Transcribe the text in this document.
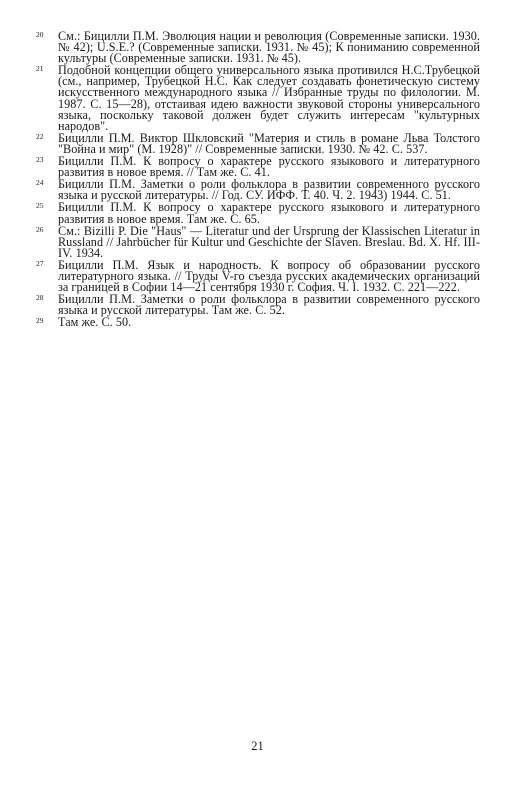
20 См.: Бицилли П.М. Эволюция нации и революция (Современные записки. 1930. № 42); U.S.E.? (Современные записки. 1931. № 45); К пониманию современной культуры (Современные записки. 1931. № 45).
21 Подобной концепции общего универсального языка противился Н.С.Трубецкой (см., например, Трубецкой Н.С. Как следует создавать фонетическую систему искусственного международного языка // Избранные труды по филологии. М. 1987. С. 15—28), отстаивая идею важности звуковой стороны универсального языка, поскольку таковой должен будет служить интересам "культурных народов".
22 Бицилли П.М. Виктор Шкловский "Материя и стиль в романе Льва Толстого "Война и мир" (М. 1928)" // Современные записки. 1930. № 42. С. 537.
23 Бицилли П.М. К вопросу о характере русского языкового и литературного развития в новое время. // Там же. С. 41.
24 Бицилли П.М. Заметки о роли фольклора в развитии современного русского языка и русской литературы. // Год. СУ. ИФФ. Т. 40. Ч. 2. 1943) 1944. С. 51.
25 Бицилли П.М. К вопросу о характере русского языкового и литературного развития в новое время. Там же. С. 65.
26 См.: Bizilli P. Die "Haus" — Literatur und der Ursprung der Klassischen Literatur in Russland // Jahrbücher für Kultur und Geschichte der Slaven. Breslau. Bd. X. Hf. III-IV. 1934.
27 Бицилли П.М. Язык и народность. К вопросу об образовании русского литературного языка. // Труды V-го съезда русских академических организаций за границей в Софии 14—21 сентября 1930 г. София. Ч. I. 1932. С. 221—222.
28 Бицилли П.М. Заметки о роли фольклора в развитии современного русского языка и русской литературы. Там же. С. 52.
29 Там же. С. 50.
21
